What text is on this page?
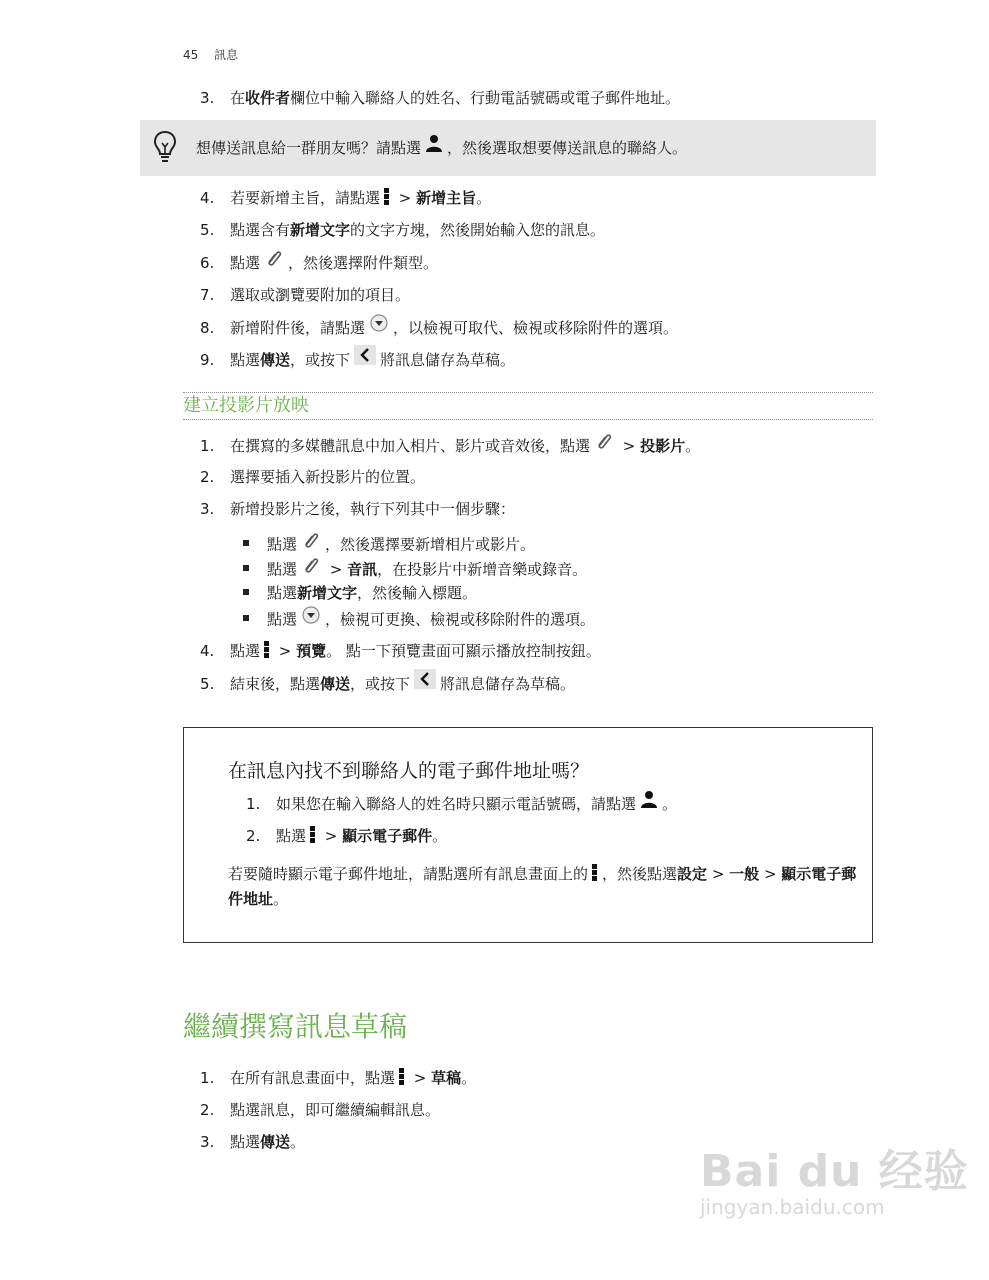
45 訊息
3. 在收件者欄位中輸入聯絡人的姓名、行動電話號碼或電子郵件地址。
想傳送訊息給一群朋友嗎？請點選 ，然後選取想要傳送訊息的聯絡人。
4. 若要新增主旨，請點選
> 新增主旨。
5. 點選含有新增文字的文字方塊，然後開始輸入您的訊息。
6. 點選 ，然後選擇附件類型。
7. 選取或瀏覽要附加的項目。
8. 新增附件後，請點選 ，以檢視可取代、檢視或移除附件的選項。
9. 點選傳送，或按下 將訊息儲存為草稿。
建立投影片放映
1. 在撰寫的多媒體訊息中加入相片、影片或音效後，點選 > 投影片。
2. 選擇要插入新投影片的位置。
3. 新增投影片之後，執行下列其中一個步驟：
點選 ，然後選擇要新增相片或影片。
點選 > 音訊，在投影片中新增音樂或錄音。
點選新增文字，然後輸入標題。
點選 ，檢視可更換、檢視或移除附件的選項。
4. 點選
> 預覽。 點一下預覽畫面可顯示播放控制按鈕。
5. 結束後，點選傳送，或按下 將訊息儲存為草稿。
在訊息內找不到聯絡人的電子郵件地址嗎？
1. 如果您在輸入聯絡人的姓名時只顯示電話號碼，請點選 。
2. 點選
> 顯示電子郵件。
若要隨時顯示電子郵件地址，請點選所有訊息畫面上的 ，然後點選設定 > 一般 > 顯示電子郵件地址。
繼續撰寫訊息草稿
1. 在所有訊息畫面中，點選
> 草稿。
2. 點選訊息，即可繼續編輯訊息。
3. 點選傳送。
Bai du 经验
jingyan.baidu.com
